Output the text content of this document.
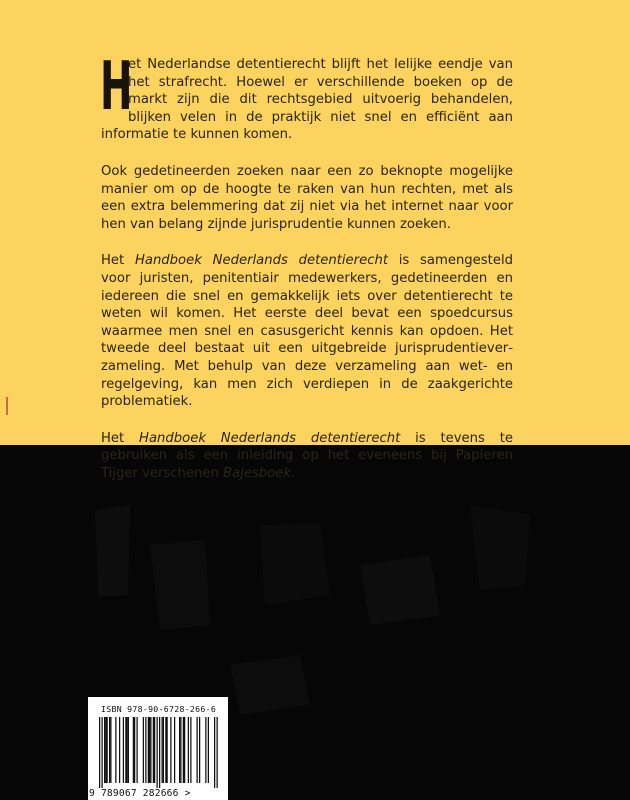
H
et Nederlandse detentierecht blijft het lelijke eendje van het strafrecht. Hoewel er verschillende boeken op de markt zijn die dit rechtsgebied uitvoerig behandelen, blijken velen in de praktijk niet snel en efficiënt aan informatie te kunnen komen.

Ook gedetineerden zoeken naar een zo beknopte mogelijke manier om op de hoogte te raken van hun rechten, met als een extra belemmering dat zij niet via het internet naar voor hen van belang zijnde jurisprudentie kunnen zoeken.

Het Handboek Nederlands detentierecht is samengesteld voor juristen, penitentiair medewerkers, gedetineerden en iedereen die snel en gemakkelijk iets over detentierecht te weten wil komen. Het eerste deel bevat een spoedcursus waarmee men snel en casusgericht kennis kan opdoen. Het tweede deel bestaat uit een uitgebreide jurisprudentieverzameling. Met behulp van deze verzameling aan wet- en regelgeving, kan men zich verdiepen in de zaakgerichte problematiek.

Het Handboek Nederlands detentierecht is tevens te gebruiken als een inleiding op het eveneens bij Papieren Tijger verschenen Bajesboek.

ISBN 978-90-6728-266-6
9 789067 282666 >
